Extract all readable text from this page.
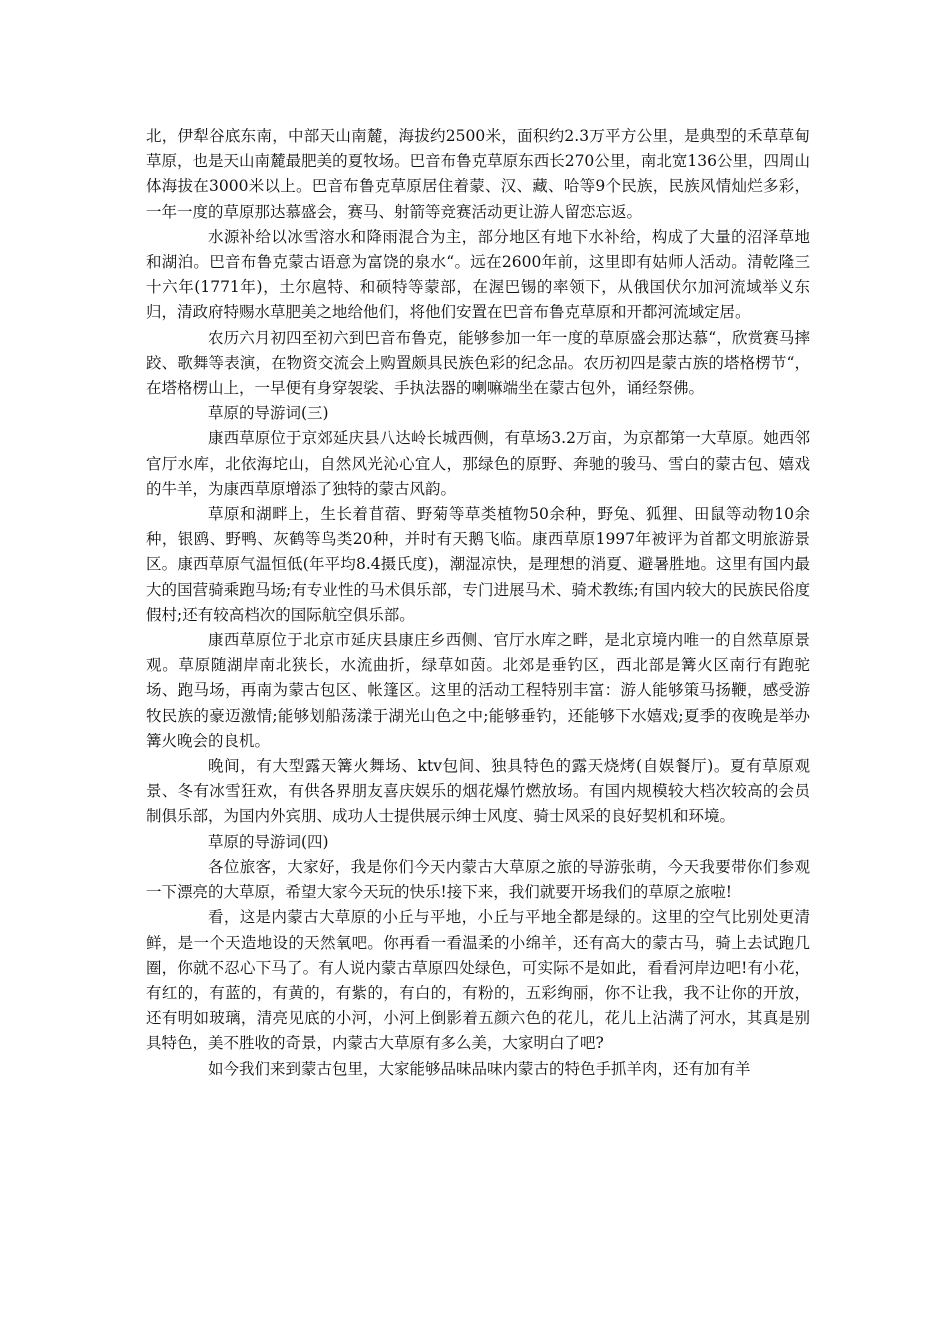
北，伊犁谷底东南，中部天山南麓，海拔约2500米，面积约2.3万平方公里，是典型的禾草草甸草原，也是天山南麓最肥美的夏牧场。巴音布鲁克草原东西长270公里，南北宽136公里，四周山体海拔在3000米以上。巴音布鲁克草原居住着蒙、汉、藏、哈等9个民族，民族风情灿烂多彩，一年一度的草原那达慕盛会，赛马、射箭等竞赛活动更让游人留恋忘返。

水源补给以冰雪溶水和降雨混合为主，部分地区有地下水补给，构成了大量的沼泽草地和湖泊。巴音布鲁克蒙古语意为富饶的泉水“。远在2600年前，这里即有姑师人活动。清乾隆三十六年(1771年)，土尔扈特、和硕特等蒙部，在渥巴锡的率领下，从俄国伏尔加河流域举义东归，清政府特赐水草肥美之地给他们，将他们安置在巴音布鲁克草原和开都河流域定居。

农历六月初四至初六到巴音布鲁克，能够参加一年一度的草原盛会那达慕“，欣赏赛马摔跤、歌舞等表演，在物资交流会上购置颇具民族色彩的纪念品。农历初四是蒙古族的塔格楞节“，在塔格楞山上，一早便有身穿袈裟、手执法器的喇嘛端坐在蒙古包外，诵经祭佛。

草原的导游词(三)

康西草原位于京郊延庆县八达岭长城西侧，有草场3.2万亩，为京都第一大草原。她西邻官厅水库，北依海坨山，自然风光沁心宜人，那绿色的原野、奔驰的骏马、雪白的蒙古包、嬉戏的牛羊，为康西草原增添了独特的蒙古风韵。

草原和湖畔上，生长着苜蓿、野菊等草类植物50余种，野兔、狐狸、田鼠等动物10余种，银鸥、野鸭、灰鹤等鸟类20种，并时有天鹅飞临。康西草原1997年被评为首都文明旅游景区。康西草原气温恒低(年平均8.4摄氏度)，潮湿凉快，是理想的消夏、避暑胜地。这里有国内最大的国营骑乘跑马场;有专业性的马术俱乐部，专门进展马术、骑术教练;有国内较大的民族民俗度假村;还有较高档次的国际航空俱乐部。

康西草原位于北京市延庆县康庄乡西侧、官厅水库之畔，是北京境内唯一的自然草原景观。草原随湖岸南北狭长，水流曲折，绿草如茵。北郊是垂钓区，西北部是篝火区南行有跑驼场、跑马场，再南为蒙古包区、帐篷区。这里的活动工程特别丰富：游人能够策马扬鞭，感受游牧民族的豪迈激情;能够划船荡漾于湖光山色之中;能够垂钓，还能够下水嬉戏;夏季的夜晚是举办篝火晚会的良机。

晚间，有大型露天篝火舞场、ktv包间、独具特色的露天烧烤(自娱餐厅)。夏有草原观景、冬有冰雪狂欢，有供各界朋友喜庆娱乐的烟花爆竹燃放场。有国内规模较大档次较高的会员制俱乐部，为国内外宾朋、成功人士提供展示绅士风度、骑士风采的良好契机和环境。

草原的导游词(四)

各位旅客，大家好，我是你们今天内蒙古大草原之旅的导游张萌，今天我要带你们参观一下漂亮的大草原，希望大家今天玩的快乐!接下来，我们就要开场我们的草原之旅啦!

看，这是内蒙古大草原的小丘与平地，小丘与平地全都是绿的。这里的空气比别处更清鲜，是一个天造地设的天然氧吧。你再看一看温柔的小绵羊，还有高大的蒙古马，骑上去试跑几圈，你就不忍心下马了。有人说内蒙古草原四处绿色，可实际不是如此，看看河岸边吧!有小花，有红的，有蓝的，有黄的，有紫的，有白的，有粉的，五彩绚丽，你不让我，我不让你的开放，还有明如玻璃，清亮见底的小河，小河上倒影着五颜六色的花儿，花儿上沾满了河水，其真是别具特色，美不胜收的奇景，内蒙古大草原有多么美，大家明白了吧?

如今我们来到蒙古包里，大家能够品味品味内蒙古的特色手抓羊肉，还有加有羊
